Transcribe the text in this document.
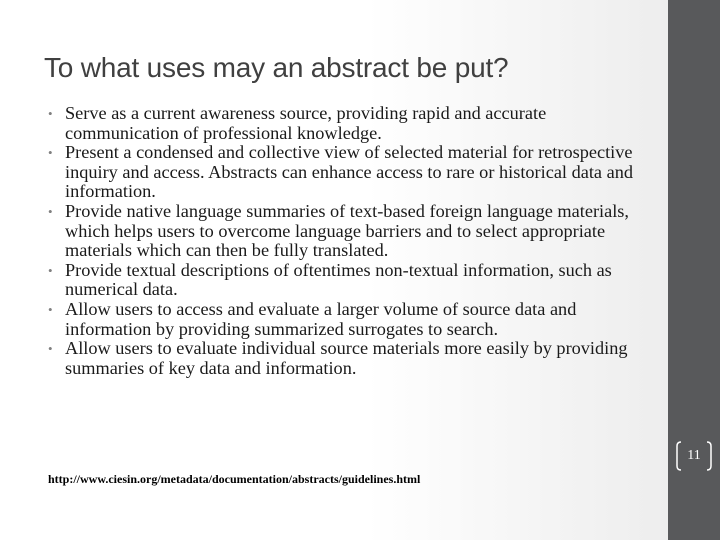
To what uses may an abstract be put?
• Serve as a current awareness source, providing rapid and accurate communication of professional knowledge.
• Present a condensed and collective view of selected material for retrospective inquiry and access. Abstracts can enhance access to rare or historical data and information.
• Provide native language summaries of text-based foreign language materials, which helps users to overcome language barriers and to select appropriate materials which can then be fully translated.
• Provide textual descriptions of oftentimes non-textual information, such as numerical data.
• Allow users to access and evaluate a larger volume of source data and information by providing summarized surrogates to search.
• Allow users to evaluate individual source materials more easily by providing summaries of key data and information.
http://www.ciesin.org/metadata/documentation/abstracts/guidelines.html
11
